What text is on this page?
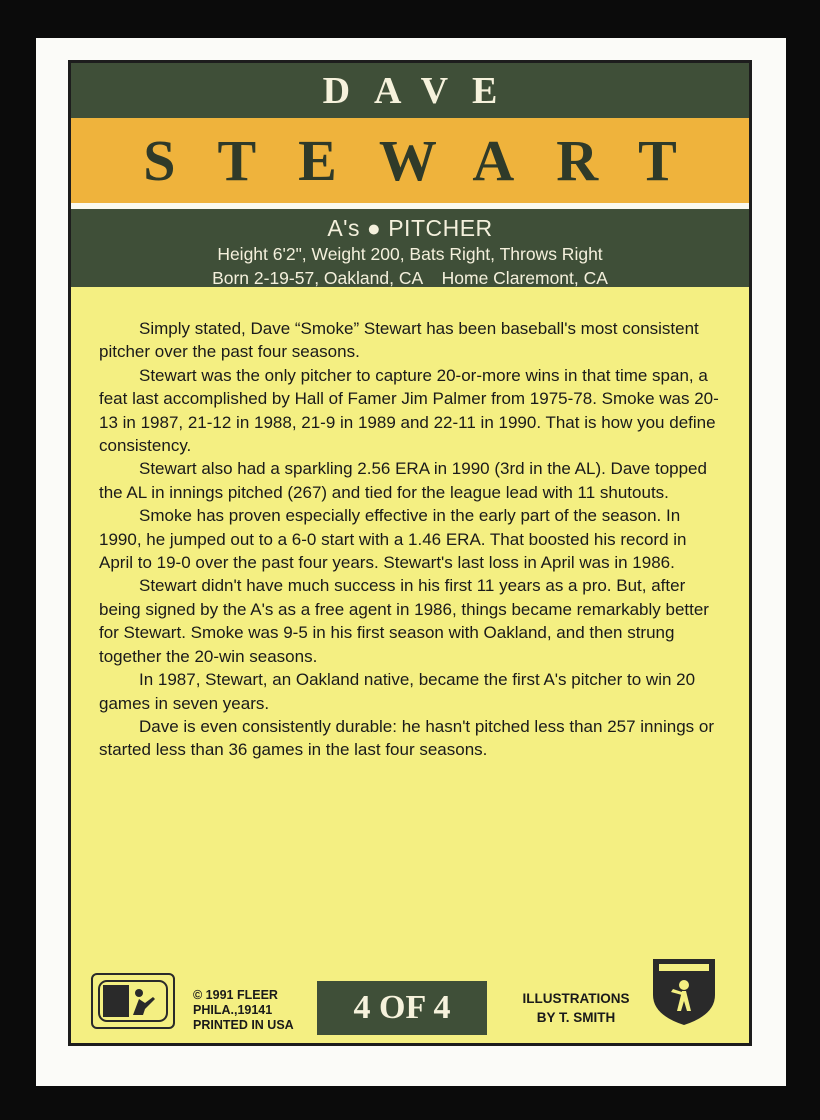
DAVE
STEWART
A's ● PITCHER
Height 6'2", Weight 200, Bats Right, Throws Right
Born 2-19-57, Oakland, CA    Home Claremont, CA

Simply stated, Dave “Smoke” Stewart has been baseball's most consistent pitcher over the past four seasons.

Stewart was the only pitcher to capture 20-or-more wins in that time span, a feat last accomplished by Hall of Famer Jim Palmer from 1975-78. Smoke was 20-13 in 1987, 21-12 in 1988, 21-9 in 1989 and 22-11 in 1990. That is how you define consistency.

Stewart also had a sparkling 2.56 ERA in 1990 (3rd in the AL). Dave topped the AL in innings pitched (267) and tied for the league lead with 11 shutouts.

Smoke has proven especially effective in the early part of the season. In 1990, he jumped out to a 6-0 start with a 1.46 ERA. That boosted his record in April to 19-0 over the past four years. Stewart's last loss in April was in 1986.

Stewart didn't have much success in his first 11 years as a pro. But, after being signed by the A's as a free agent in 1986, things became remarkably better for Stewart. Smoke was 9-5 in his first season with Oakland, and then strung together the 20-win seasons.

In 1987, Stewart, an Oakland native, became the first A's pitcher to win 20 games in seven years.

Dave is even consistently durable: he hasn't pitched less than 257 innings or started less than 36 games in the last four seasons.

© 1991 FLEER
PHILA.,19141
PRINTED IN USA	4 OF 4	ILLUSTRATIONS
BY T. SMITH
